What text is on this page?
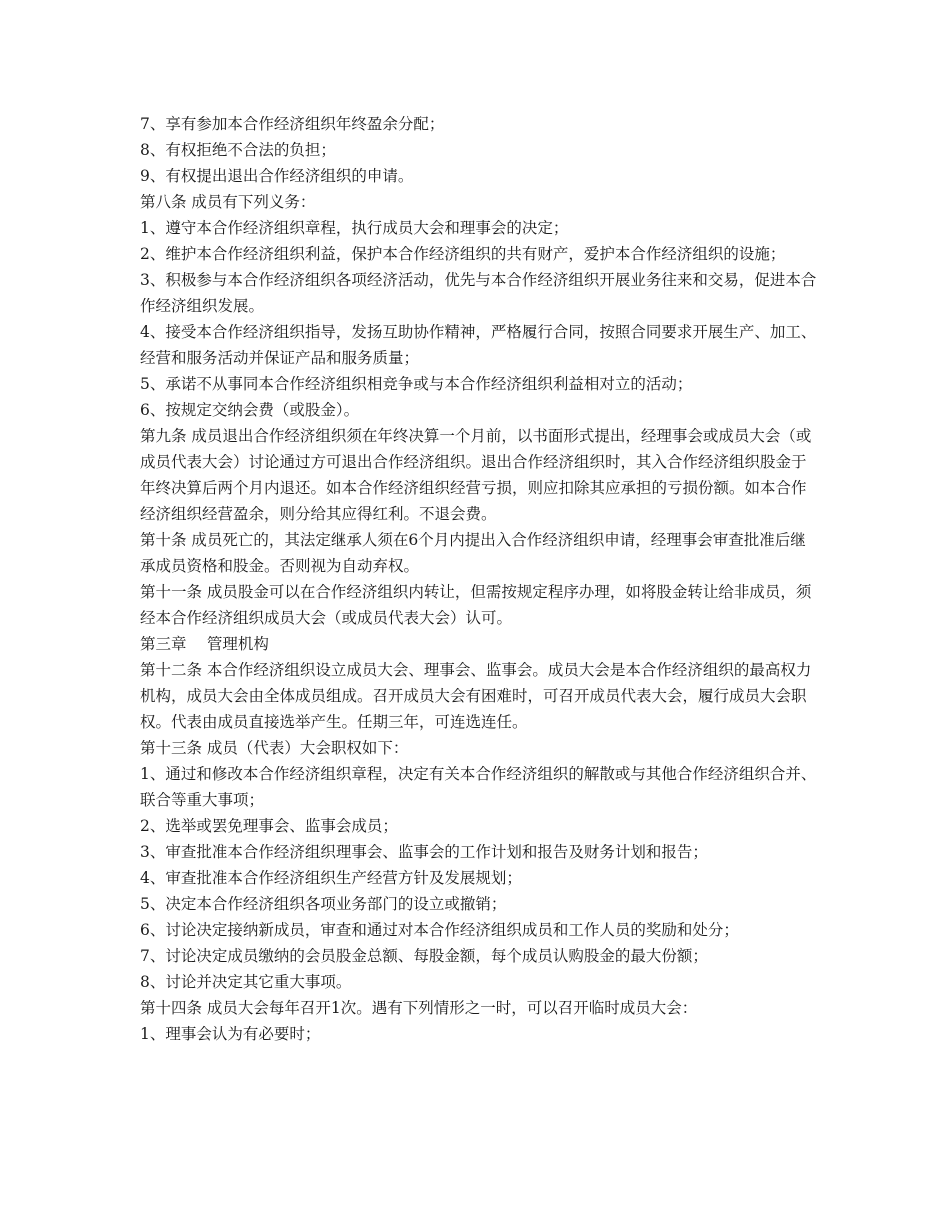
7、享有参加本合作经济组织年终盈余分配；

8、有权拒绝不合法的负担；

9、有权提出退出合作经济组织的申请。

第八条 成员有下列义务：

1、遵守本合作经济组织章程，执行成员大会和理事会的决定；

2、维护本合作经济组织利益，保护本合作经济组织的共有财产，爱护本合作经济组织的设施；

3、积极参与本合作经济组织各项经济活动，优先与本合作经济组织开展业务往来和交易，促进本合作经济组织发展。

4、接受本合作经济组织指导，发扬互助协作精神，严格履行合同，按照合同要求开展生产、加工、经营和服务活动并保证产品和服务质量；

5、承诺不从事同本合作经济组织相竞争或与本合作经济组织利益相对立的活动；

6、按规定交纳会费（或股金）。

第九条 成员退出合作经济组织须在年终决算一个月前，以书面形式提出，经理事会或成员大会（或成员代表大会）讨论通过方可退出合作经济组织。退出合作经济组织时，其入合作经济组织股金于年终决算后两个月内退还。如本合作经济组织经营亏损，则应扣除其应承担的亏损份额。如本合作经济组织经营盈余，则分给其应得红利。不退会费。

第十条 成员死亡的，其法定继承人须在6个月内提出入合作经济组织申请，经理事会审查批准后继承成员资格和股金。否则视为自动弃权。

第十一条 成员股金可以在合作经济组织内转让，但需按规定程序办理，如将股金转让给非成员，须经本合作经济组织成员大会（或成员代表大会）认可。

第三章　 管理机构

第十二条 本合作经济组织设立成员大会、理事会、监事会。成员大会是本合作经济组织的最高权力机构，成员大会由全体成员组成。召开成员大会有困难时，可召开成员代表大会，履行成员大会职权。代表由成员直接选举产生。任期三年，可连选连任。

第十三条 成员（代表）大会职权如下：

1、通过和修改本合作经济组织章程，决定有关本合作经济组织的解散或与其他合作经济组织合并、联合等重大事项；

2、选举或罢免理事会、监事会成员；

3、审查批准本合作经济组织理事会、监事会的工作计划和报告及财务计划和报告；

4、审查批准本合作经济组织生产经营方针及发展规划；

5、决定本合作经济组织各项业务部门的设立或撤销；

6、讨论决定接纳新成员，审查和通过对本合作经济组织成员和工作人员的奖励和处分；

7、讨论决定成员缴纳的会员股金总额、每股金额，每个成员认购股金的最大份额；

8、讨论并决定其它重大事项。

第十四条 成员大会每年召开1次。遇有下列情形之一时，可以召开临时成员大会：

1、理事会认为有必要时；
